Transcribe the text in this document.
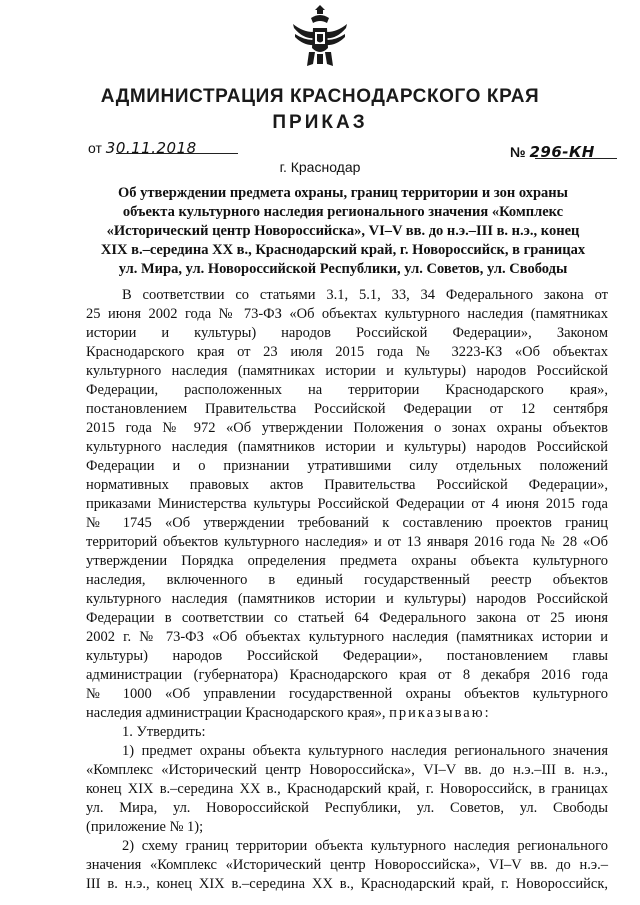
АДМИНИСТРАЦИЯ КРАСНОДАРСКОГО КРАЯ
ПРИКАЗ
от 30.11.2018	№ 296-КН
г. Краснодар
Об утверждении предмета охраны, границ территории и зон охраны
объекта культурного наследия регионального значения «Комплекс
«Исторический центр Новороссийска», VI–V вв. до н.э.–III в. н.э., конец
XIX в.–середина XX в., Краснодарский край, г. Новороссийск, в границах
ул. Мира, ул. Новороссийской Республики, ул. Советов, ул. Свободы
В соответствии со статьями 3.1, 5.1, 33, 34 Федерального закона от
25 июня 2002 года № 73-ФЗ «Об объектах культурного наследия (памятниках
истории и культуры) народов Российской Федерации», Законом
Краснодарского края от 23 июля 2015 года № 3223-КЗ «Об объектах
культурного наследия (памятниках истории и культуры) народов Российской
Федерации, расположенных на территории Краснодарского края»,
постановлением Правительства Российской Федерации от 12 сентября
2015 года № 972 «Об утверждении Положения о зонах охраны объектов
культурного наследия (памятников истории и культуры) народов Российской
Федерации и о признании утратившими силу отдельных положений
нормативных правовых актов Правительства Российской Федерации»,
приказами Министерства культуры Российской Федерации от 4 июня 2015 года
№ 1745 «Об утверждении требований к составлению проектов границ
территорий объектов культурного наследия» и от 13 января 2016 года № 28 «Об
утверждении Порядка определения предмета охраны объекта культурного
наследия, включенного в единый государственный реестр объектов
культурного наследия (памятников истории и культуры) народов Российской
Федерации в соответствии со статьей 64 Федерального закона от 25 июня
2002 г. № 73-ФЗ «Об объектах культурного наследия (памятниках истории и
культуры) народов Российской Федерации», постановлением главы
администрации (губернатора) Краснодарского края от 8 декабря 2016 года
№ 1000 «Об управлении государственной охраны объектов культурного
наследия администрации Краснодарского края», приказываю:
1. Утвердить:
1) предмет охраны объекта культурного наследия регионального значения
«Комплекс «Исторический центр Новороссийска», VI–V вв. до н.э.–III в. н.э.,
конец XIX в.–середина XX в., Краснодарский край, г. Новороссийск, в границах
ул. Мира, ул. Новороссийской Республики, ул. Советов, ул. Свободы
(приложение № 1);
2) схему границ территории объекта культурного наследия регионального
значения «Комплекс «Исторический центр Новороссийска», VI–V вв. до н.э.–
III в. н.э., конец XIX в.–середина XX в., Краснодарский край, г. Новороссийск,
